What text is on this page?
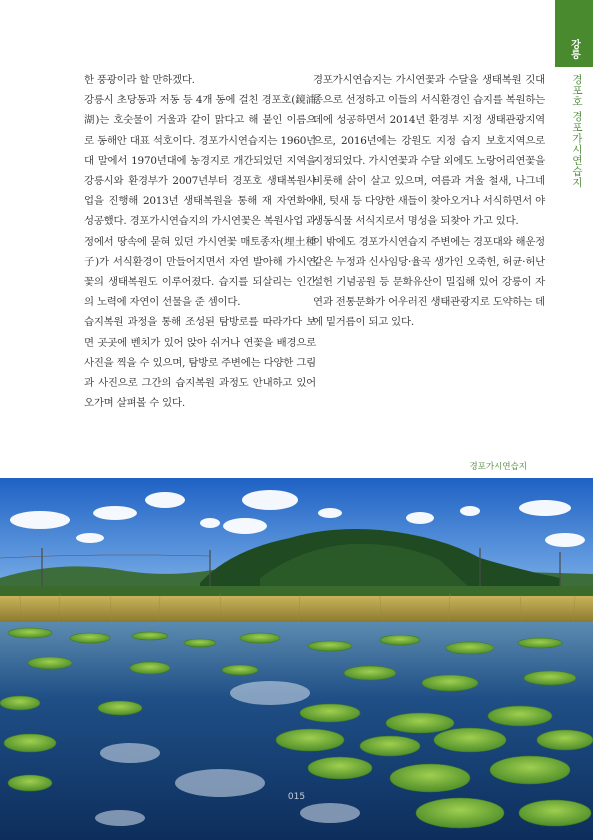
강릉
경포호 경포가시연습지

한 풍광이라 할 만하겠다.

강릉시 초당동과 저동 등 4개 동에 걸친 경포호(鏡浦湖)는 호숫물이 거울과 같이 맑다고 해 붙인 이름으로 동해안 대표 석호이다. 경포가시연습지는 1960년대 말에서 1970년대에 농경지로 개간되었던 지역을 강릉시와 환경부가 2007년부터 경포호 생태복원사업을 진행해 2013년 생태복원을 통해 재 자연화에 성공했다. 경포가시연습지의 가시연꽃은 복원사업 과정에서 땅속에 묻혀 있던 가시연꽃 매토종자(埋土種子)가 서식환경이 만들어지면서 자연 발아해 가시연꽃의 생태복원도 이루어졌다. 습지를 되살리는 인간의 노력에 자연이 선물을 준 셈이다.

습지복원 과정을 통해 조성된 탐방로를 따라가다 보면 곳곳에 벤치가 있어 앉아 쉬거나 연꽃을 배경으로 사진을 찍을 수 있으며, 탐방로 주변에는 다양한 그림과 사진으로 그간의 습지복원 과정도 안내하고 있어 오가며 살펴볼 수 있다.

경포가시연습지는 가시연꽃과 수달을 생태복원 깃대종으로 선정하고 이들의 서식환경인 습지를 복원하는 데에 성공하면서 2014년 환경부 지정 생태관광지역으로, 2016년에는 강원도 지정 습지 보호지역으로 지정되었다. 가시연꽃과 수달 외에도 노랑어리연꽃을 비롯해 삵이 살고 있으며, 여름과 겨울 철새, 나그네새, 텃새 등 다양한 새들이 찾아오거나 서식하면서 야생동식물 서식지로서 명성을 되찾아 가고 있다.

이 밖에도 경포가시연습지 주변에는 경포대와 해운정 같은 누정과 신사임당·율곡 생가인 오죽헌, 허균·허난설헌 기념공원 등 문화유산이 밀집해 있어 강릉이 자연과 전통문화가 어우러진 생태관광지로 도약하는 데에 밑거름이 되고 있다.

경포가시연습지
015
